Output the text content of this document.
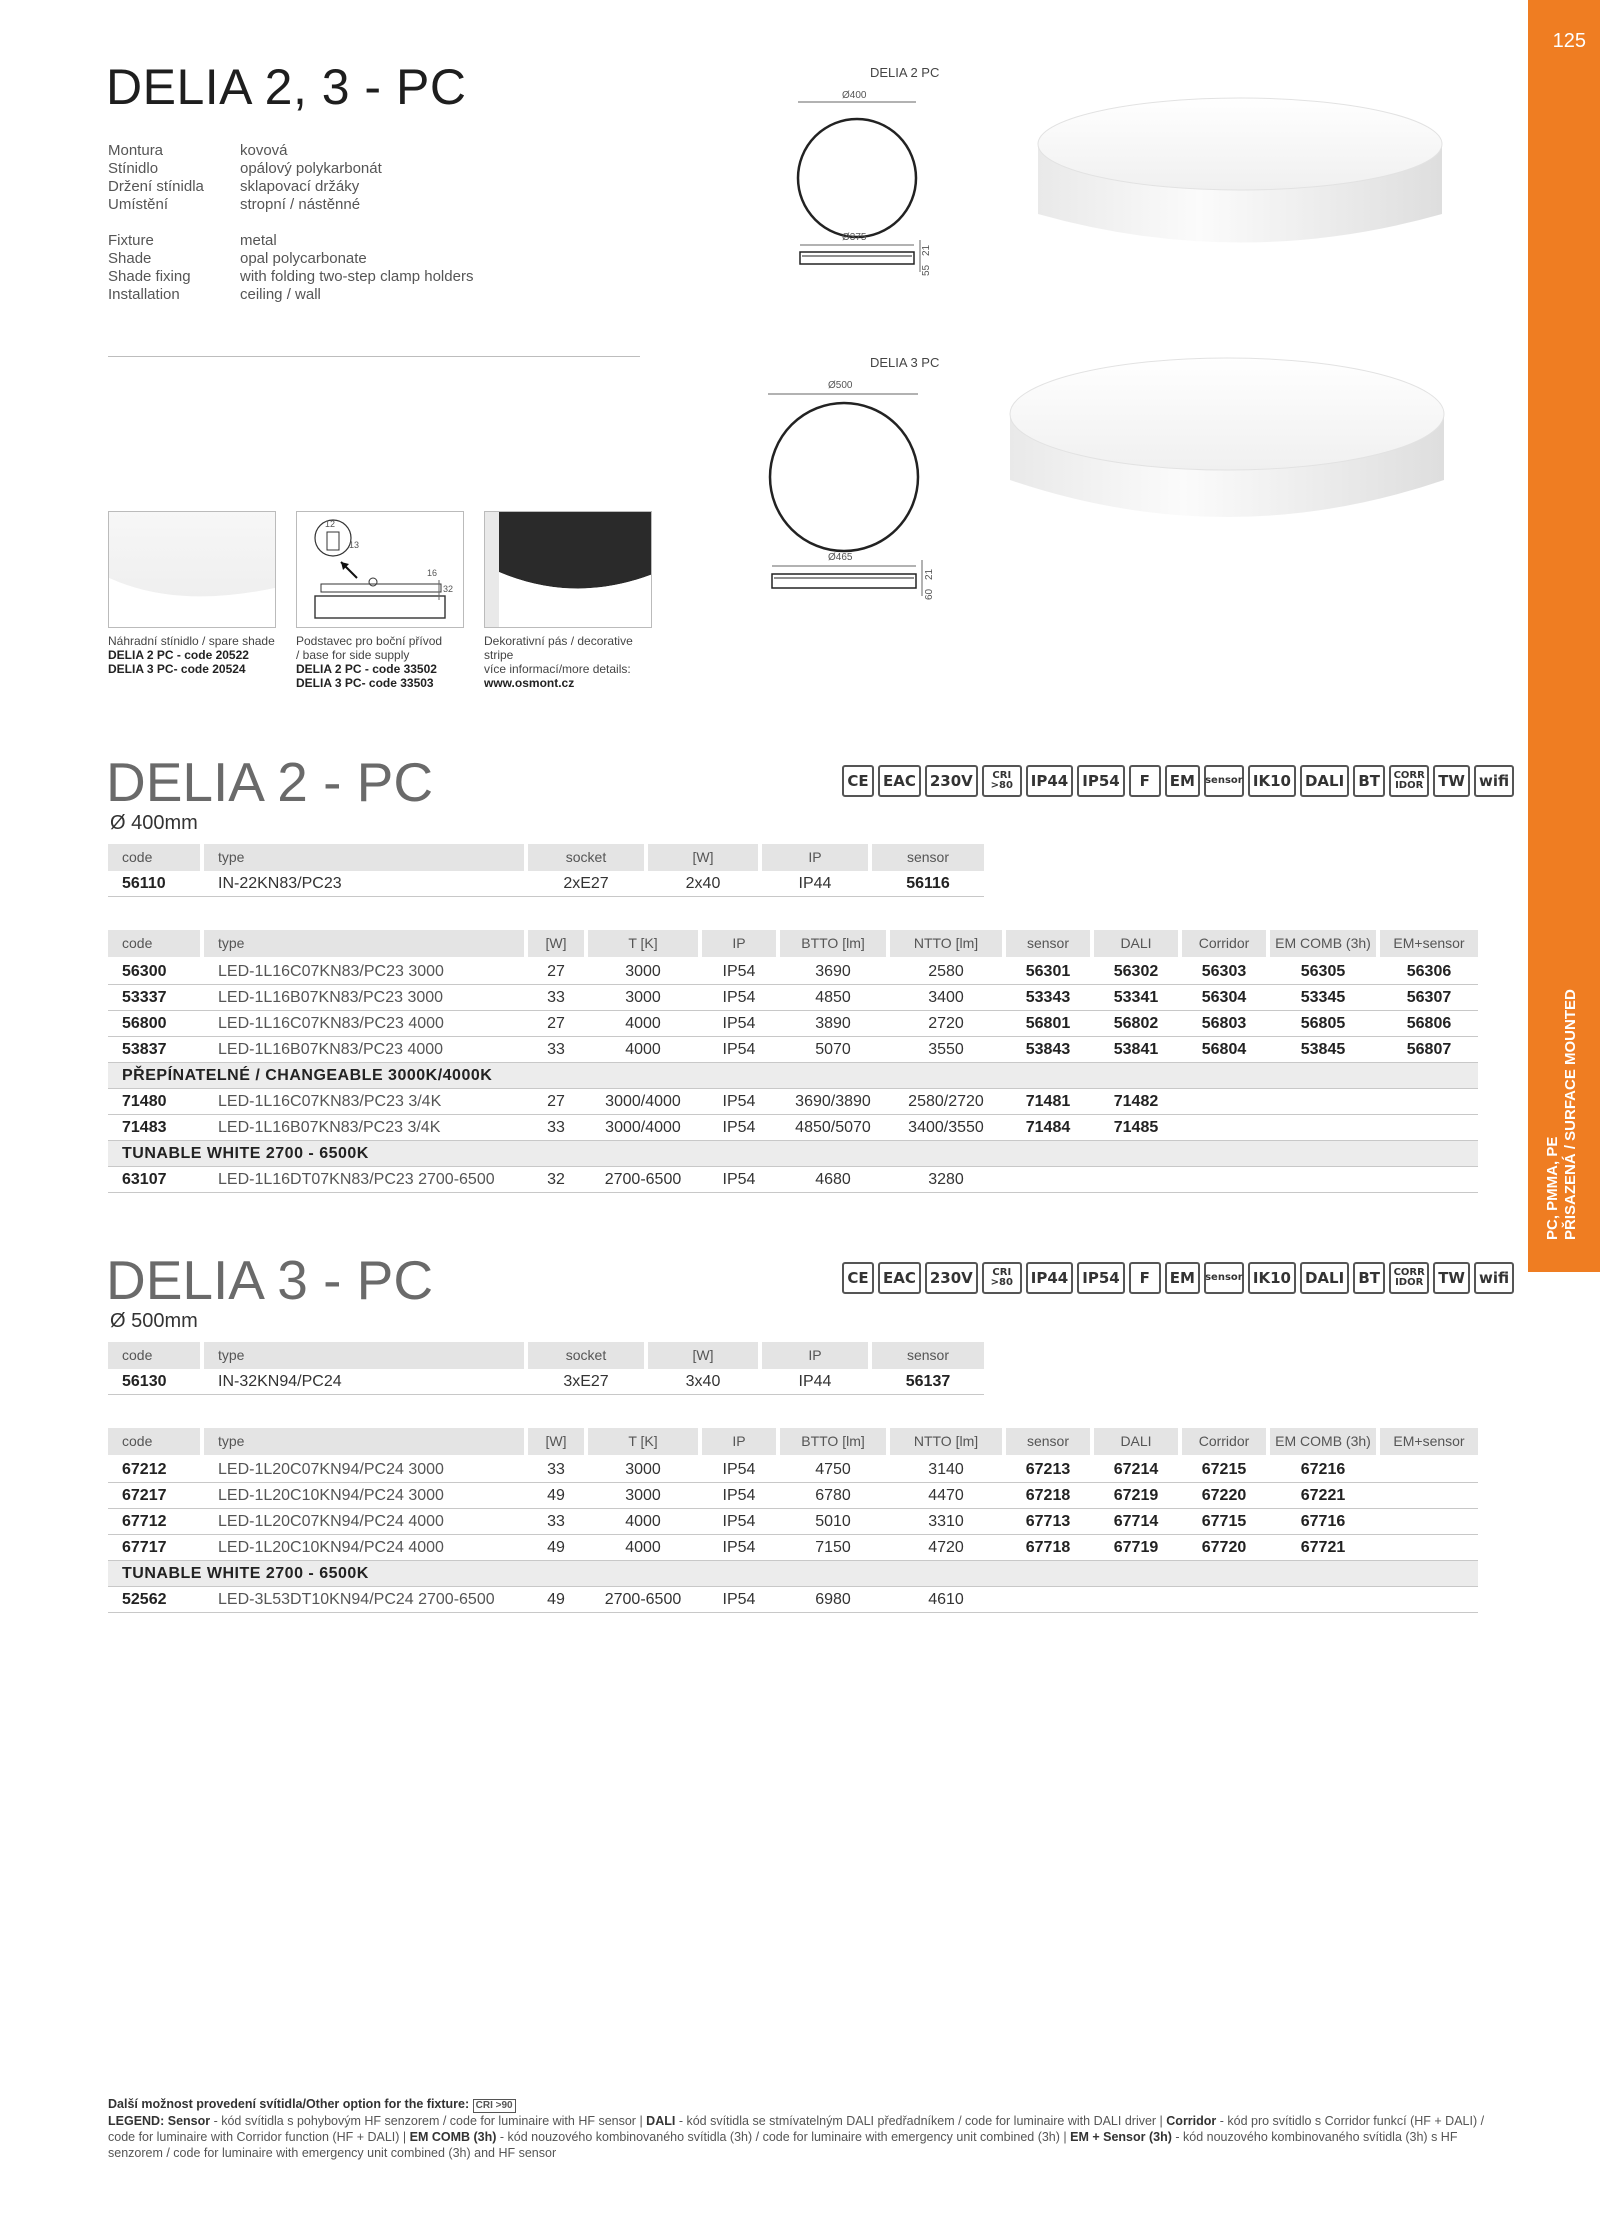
125
PC, PMMA, PE PŘISAZENÁ / SURFACE MOUNTED
DELIA 2, 3 - PC
Montura	kovová
Stínidlo	opálový polykarbonát
Držení stínidla	sklapovací držáky
Umístění	stropní / nástěnné
Fixture	metal
Shade	opal polycarbonate
Shade fixing	with folding two-step clamp holders
Installation	ceiling / wall
DELIA 2 PC
Ø400
Ø375
55
21
DELIA 3 PC
Ø500
Ø465
60
21
12
13
16
32
Náhradní stínidlo / spare shade
DELIA 2 PC - code 20522
DELIA 3 PC- code 20524
Podstavec pro boční přívod
/ base for side supply
DELIA 2 PC - code 33502
DELIA 3 PC- code 33503
Dekorativní pás / decorative
stripe
více informací/more details:
www.osmont.cz
DELIA 2 - PC
Ø 400mm
CE EAC 230V	CRI >80	IP44 IP54	F	EM	sensor IK10 DALI BT	CORR IDOR TW wifi
code	type	socket	[W]	IP	sensor
56110	IN-22KN83/PC23	2xE27	2x40	IP44	56116
code	type	[W]	T [K]	IP	BTTO [lm]	NTTO [lm]	sensor	DALI	Corridor	EM COMB (3h)	EM+sensor
56300	LED-1L16C07KN83/PC23 3000	27	3000	IP54	3690	2580	56301	56302	56303	56305	56306
53337	LED-1L16B07KN83/PC23 3000	33	3000	IP54	4850	3400	53343	53341	56304	53345	56307
56800	LED-1L16C07KN83/PC23 4000	27	4000	IP54	3890	2720	56801	56802	56803	56805	56806
53837	LED-1L16B07KN83/PC23 4000	33	4000	IP54	5070	3550	53843	53841	56804	53845	56807
PŘEPÍNATELNÉ / CHANGEABLE 3000K/4000K
71480	LED-1L16C07KN83/PC23 3/4K	27	3000/4000	IP54	3690/3890	2580/2720	71481	71482
71483	LED-1L16B07KN83/PC23 3/4K	33	3000/4000	IP54	4850/5070	3400/3550	71484	71485
TUNABLE WHITE 2700 - 6500K
63107	LED-1L16DT07KN83/PC23 2700-6500	32	2700-6500	IP54	4680	3280
DELIA 3 - PC
Ø 500mm
CE EAC 230V	CRI >80	IP44 IP54	F	EM	sensor IK10 DALI BT	CORR IDOR TW wifi
code	type	socket	[W]	IP	sensor
56130	IN-32KN94/PC24	3xE27	3x40	IP44	56137
code	type	[W]	T [K]	IP	BTTO [lm]	NTTO [lm]	sensor	DALI	Corridor	EM COMB (3h)	EM+sensor
67212	LED-1L20C07KN94/PC24 3000	33	3000	IP54	4750	3140	67213	67214	67215	67216
67217	LED-1L20C10KN94/PC24 3000	49	3000	IP54	6780	4470	67218	67219	67220	67221
67712	LED-1L20C07KN94/PC24 4000	33	4000	IP54	5010	3310	67713	67714	67715	67716
67717	LED-1L20C10KN94/PC24 4000	49	4000	IP54	7150	4720	67718	67719	67720	67721
TUNABLE WHITE 2700 - 6500K
52562	LED-3L53DT10KN94/PC24 2700-6500	49	2700-6500	IP54	6980	4610
Další možnost provedení svítidla/Other option for the fixture: CRI >90
LEGEND: Sensor - kód svítidla s pohybovým HF senzorem / code for luminaire with HF sensor | DALI - kód svítidla se stmívatelným DALI předřadníkem / code for luminaire with DALI driver | Corridor - kód pro svítidlo s Corridor funkcí (HF + DALI) / code for luminaire with Corridor function (HF + DALI) | EM COMB (3h) - kód nouzového kombinovaného svítidla (3h) / code for luminaire with emergency unit combined (3h) | EM + Sensor (3h) - kód nouzového kombinovaného svítidla (3h) s HF senzorem / code for luminaire with emergency unit combined (3h) and HF sensor
